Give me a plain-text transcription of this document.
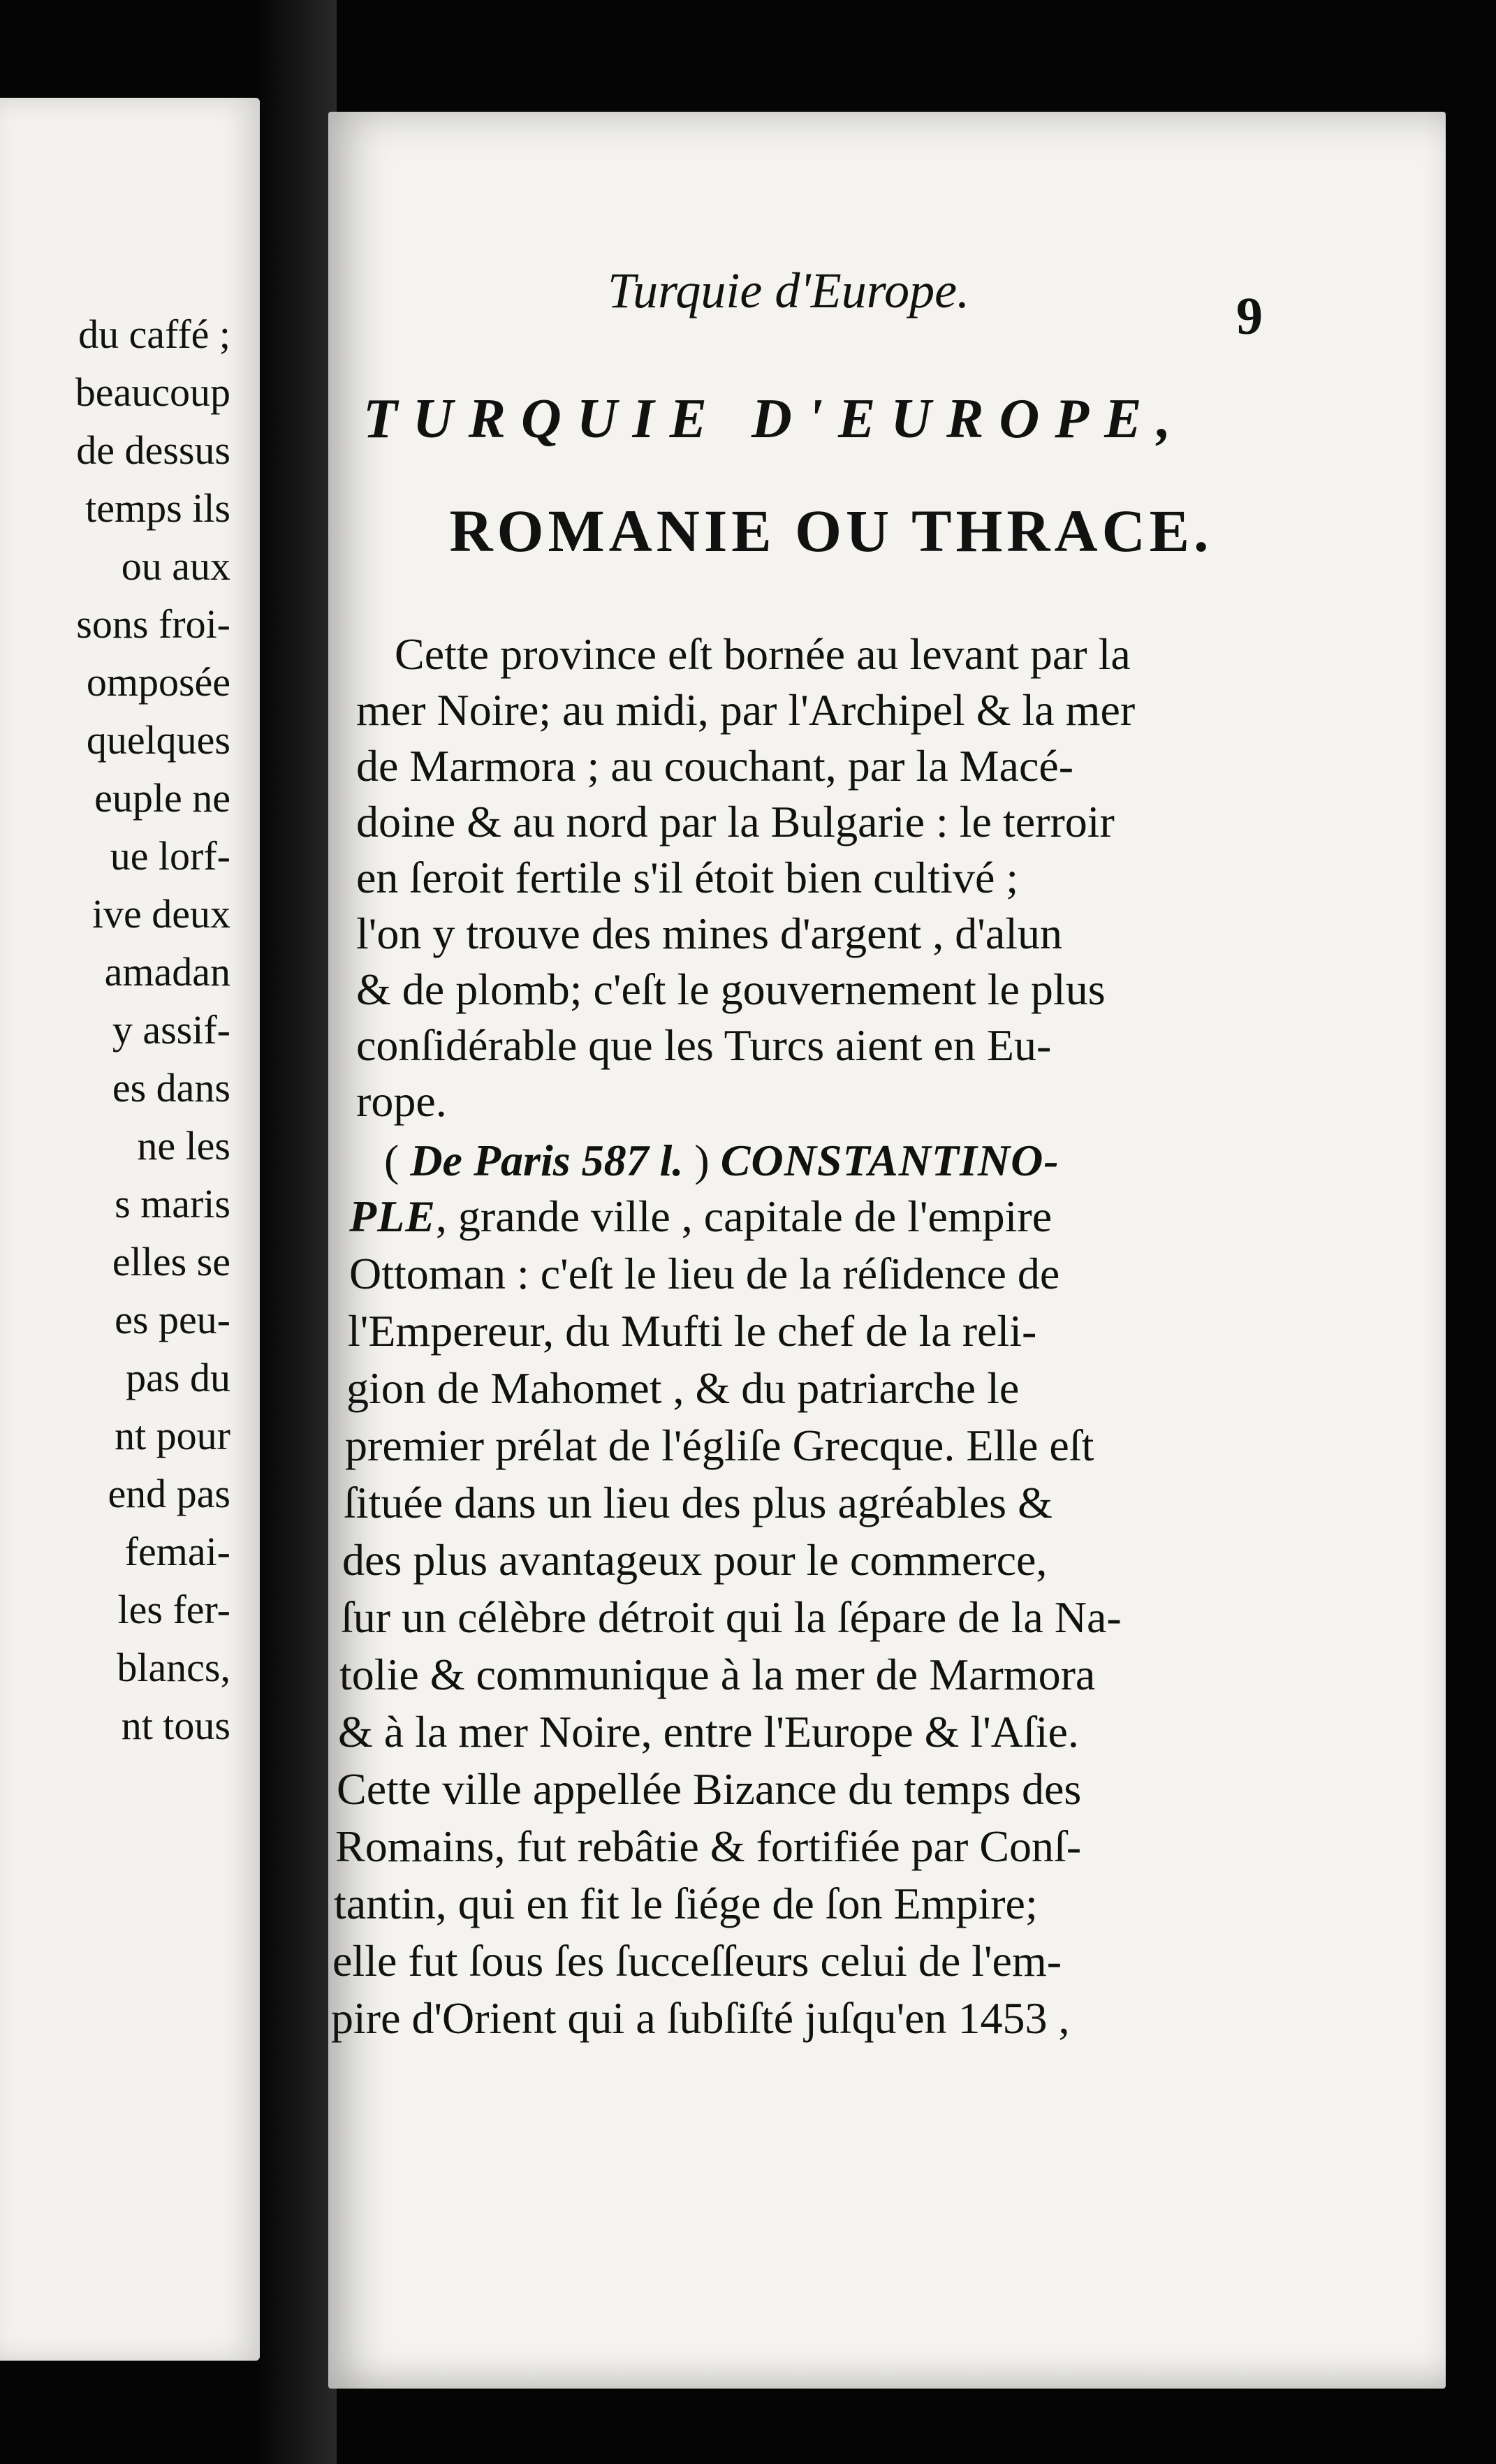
du caffé ;
beaucoup
de dessus
temps ils
ou aux
sons froi-
omposée
quelques
euple ne
ue lorf-
ive deux
amadan
y assif-
es dans
ne les
s maris
elles se
es peu-
pas du
nt pour
end pas
femai-
les fer-
blancs,
nt tous
Turquie d'Europe.	9
TURQUIE D'EUROPE,
ROMANIE OU THRACE.
Cette province eſt bornée au levant par la
mer Noire; au midi, par l'Archipel & la mer
de Marmora ; au couchant, par la Macé-
doine & au nord par la Bulgarie : le terroir
en ſeroit fertile s'il étoit bien cultivé ;
l'on y trouve des mines d'argent , d'alun
& de plomb; c'eſt le gouvernement le plus
conſidérable que les Turcs aient en Eu-
rope.
( De Paris 587 l. ) CONSTANTINO-
PLE, grande ville , capitale de l'empire
Ottoman : c'eſt le lieu de la réſidence de
l'Empereur, du Mufti le chef de la reli-
gion de Mahomet , & du patriarche le
premier prélat de l'égliſe Grecque. Elle eſt
ſituée dans un lieu des plus agréables &
des plus avantageux pour le commerce,
ſur un célèbre détroit qui la ſépare de la Na-
tolie & communique à la mer de Marmora
& à la mer Noire, entre l'Europe & l'Aſie.
Cette ville appellée Bizance du temps des
Romains, fut rebâtie & fortifiée par Conſ-
tantin, qui en fit le ſiége de ſon Empire;
elle fut ſous ſes ſucceſſeurs celui de l'em-
pire d'Orient qui a ſubſiſté juſqu'en 1453 ,
